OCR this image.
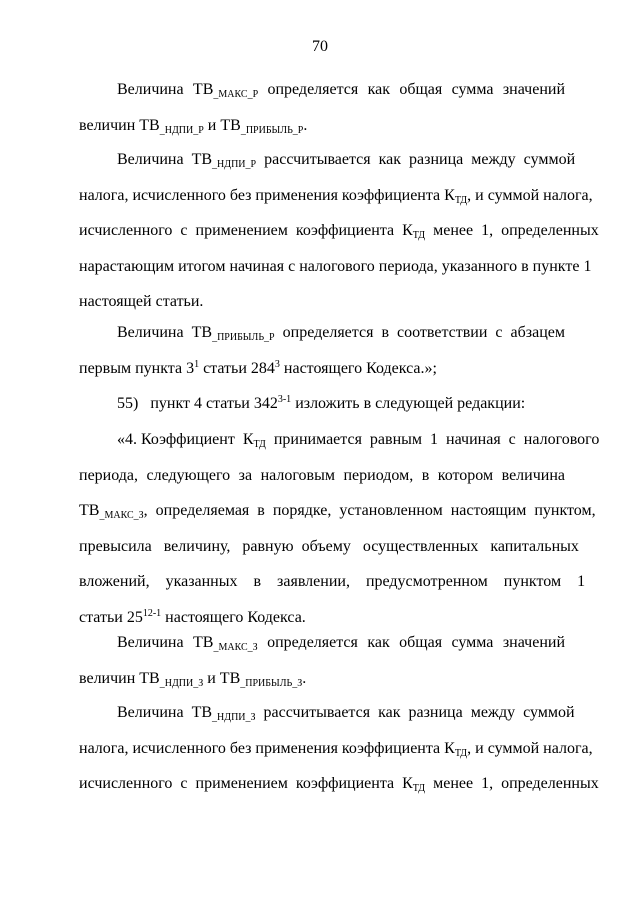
70
Величина  $ТВ_{\_МАКС\_Р}$  определяется  как  общая  сумма  значений
величин $ТВ_{\_НДПИ\_Р}$ и $ТВ_{\_ПРИБЫЛЬ\_Р}$.
Величина  $ТВ_{\_НДПИ\_Р}$  рассчитывается  как  разница  между  суммой
налога, исчисленного без применения коэффициента $К_{ТД}$, и суммой налога,
исчисленного  с  применением  коэффициента  $К_{ТД}$  менее  1,  определенных
нарастающим итогом начиная с налогового периода, указанного в пункте 1
настоящей статьи.
Величина  $ТВ_{\_ПРИБЫЛЬ\_Р}$  определяется  в  соответствии  с  абзацем
первым пункта $3^1$ статьи $284^3$ настоящего Кодекса.»;
55)   пункт 4 статьи 342$^{3-1}$ изложить в следующей редакции:
«4. Коэффициент  $К_{ТД}$  принимается  равным  1  начиная  с  налогового
периода,  следующего  за  налоговым  периодом,  в  котором  величина
$ТВ_{\_МАКС\_З}$,  определяемая  в  порядке,  установленном  настоящим  пунктом,
превысила   величину,   равную  объему   осуществленных   капитальных
вложений,    указанных    в    заявлении,    предусмотренном    пунктом    1
статьи 25$^{12-1}$ настоящего Кодекса.
Величина  $ТВ_{\_МАКС\_З}$  определяется  как  общая  сумма  значений
величин $ТВ_{\_НДПИ\_З}$ и $ТВ_{\_ПРИБЫЛЬ\_З}$.
Величина  $ТВ_{\_НДПИ\_З}$  рассчитывается  как  разница  между  суммой
налога, исчисленного без применения коэффициента $К_{ТД}$, и суммой налога,
исчисленного  с  применением  коэффициента  $К_{ТД}$  менее  1,  определенных
